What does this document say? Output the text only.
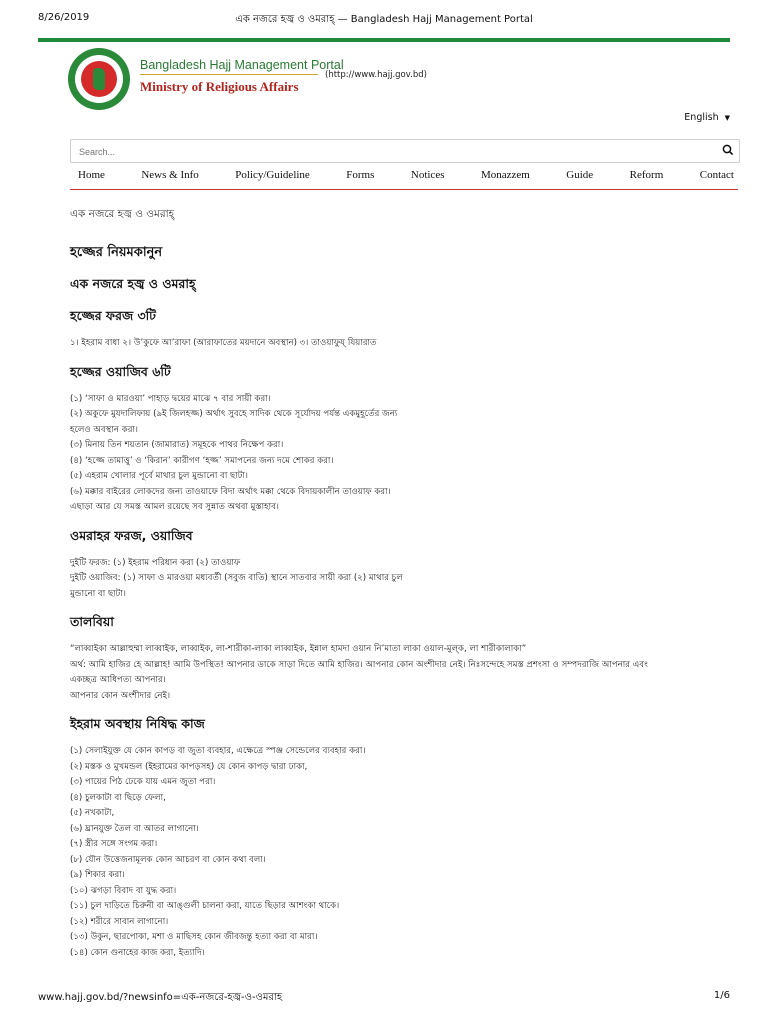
8/26/2019	এক নজরে হজ্ব ও ওমরাহ্ — Bangladesh Hajj Management Portal
Bangladesh Hajj Management Portal
Ministry of Religious Affairs
(http://www.hajj.gov.bd)
English ▼
Search...
Home	News & Info	Policy/Guideline	Forms	Notices	Monazzem	Guide	Reform	Contact
এক নজরে হজ্ব ও ওমরাহ্
হজ্জের নিয়মকানুন
এক নজরে হজ্ব ও ওমরাহ্
হজ্জের ফরজ ৩টি
১। ইহরাম বাধা ২। উ’কুফে আ’রাফা (আরাফাতের ময়দানে অবস্থান) ৩। তাওয়াফুয্ যিয়ারাত
হজ্জের ওয়াজিব ৬টি
(১) ‘সাফা ও মারওয়া’ পাহাড় দ্বয়ের মাঝে ৭ বার সায়ী করা।
(২) অকুফে মুযদালিফায় (৯ই জিলহজ্জ) অর্থাৎ সুবহে সাদিক থেকে সূর্যোদয় পর্যন্ত একমুহূর্তের জন্য
হলেও অবস্থান করা।
(৩) মিনায় তিন শয়তান (জামারাত) সমূহকে পাথর নিক্ষেপ করা।
(৪) ‘হজ্জে তামাত্তু’ ও ‘কিরান’ কারীগণ ‘হজ্জ’ সমাপনের জন্য দমে শোকর করা।
(৫) এহরাম খোলার পূর্বে মাথার চুল মুন্ডানো বা ছাটা।
(৬) মক্কার বাইরের লোকদের জন্য তাওয়াফে বিদা অর্থাৎ মক্কা থেকে বিদায়কালীন তাওয়াফ করা।
এছাড়া আর যে সমস্ত আমল রয়েছে সব সুন্নাত অথবা মুস্তাহাব।
ওমরাহর ফরজ, ওয়াজিব
দুইটি ফরজ: (১) ইহরাম পরিধান করা (২) তাওয়াফ
দুইটি ওয়াজিব: (১) সাফা ও মারওয়া মধ্যবর্তী (সবুজ বাতি) স্থানে সাতবার সায়ী করা (২) মাথার চুল
মুন্ডানো বা ছাটা।
তালবিয়া
“লাব্বাইকা আল্লাহুম্মা লাব্বাইক, লাব্বাইক, লা-শারীকা-লাকা লাব্বাইক, ইন্নাল হামদা ওয়ান নি’মাতা লাকা ওয়াল-মুল্‌ক, লা শারীকালাকা”
অর্থ: আমি হাজির হে আল্লাহ! আমি উপস্থিত! আপনার ডাকে সাড়া দিতে আমি হাজির। আপনার কোন অংশীদার নেই। নিঃসন্দেহে সমস্ত প্রশংসা ও সম্পদরাজি আপনার এবং
একচ্ছত্র আধিপত্য আপনার।
আপনার কোন অংশীদার নেই।
ইহরাম অবস্থায় নিষিদ্ধ কাজ
(১) সেলাইযুক্ত যে কোন কাপড় বা জুতা ব্যবহার, এক্ষেত্রে স্পঞ্জ সেন্ডেলের ব্যবহার করা।
(২) মস্তক ও মুখমন্ডল (ইহরামের কাপড়সহ) যে কোন কাপড় দ্বারা ঢাকা,
(৩) পায়ের পিঠ ঢেকে যায় এমন জুতা পরা।
(৪) চুলকাটা বা ছিড়ে ফেলা,
(৫) নখকাটা,
(৬) ঘ্রানযুক্ত তৈল বা আতর লাগানো।
(৭) স্ত্রীর সঙ্গে সংগম করা।
(৮) যৌন উত্তেজনামূলক কোন আচরণ বা কোন কথা বলা।
(৯) শিকার করা।
(১০) ঝগড়া বিবাদ বা যুদ্ধ করা।
(১১) চুল দাড়িতে চিরুনী বা আঙ্গুলী চালনা করা, যাতে ছিড়ার আশংকা থাকে।
(১২) শরীরে সাবান লাগানো।
(১৩) উকুন, ছারপোকা, মশা ও মাছিসহ কোন জীবজন্তু হত্যা করা বা মারা।
(১৪) কোন গুনাহের কাজ করা, ইত্যাদি।
www.hajj.gov.bd/?newsinfo=এক-নজরে-হজ্ব-ও-ওমরাহ	1/6
